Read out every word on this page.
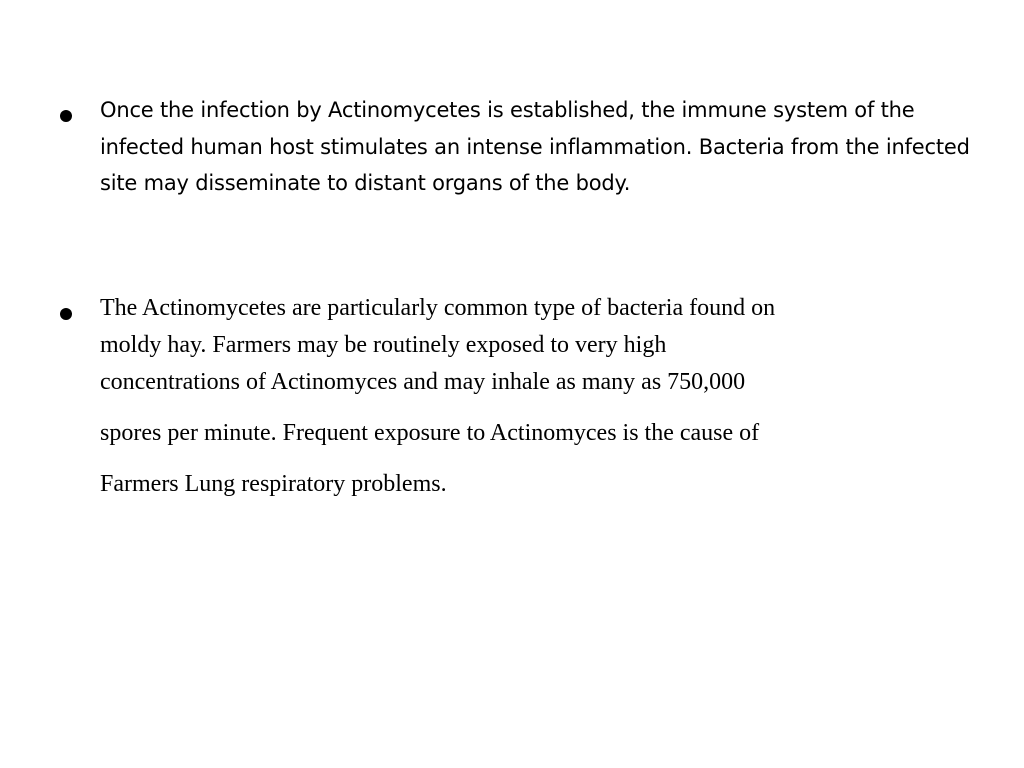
Once the infection by Actinomycetes is established, the immune system of the infected human host stimulates an intense inflammation. Bacteria from the infected site may disseminate to distant organs of the body.

The Actinomycetes are particularly common type of bacteria found on
moldy hay. Farmers may be routinely exposed to very high
concentrations of Actinomyces and may inhale as many as 750,000
spores per minute. Frequent exposure to Actinomyces is the cause of
Farmers Lung respiratory problems.
